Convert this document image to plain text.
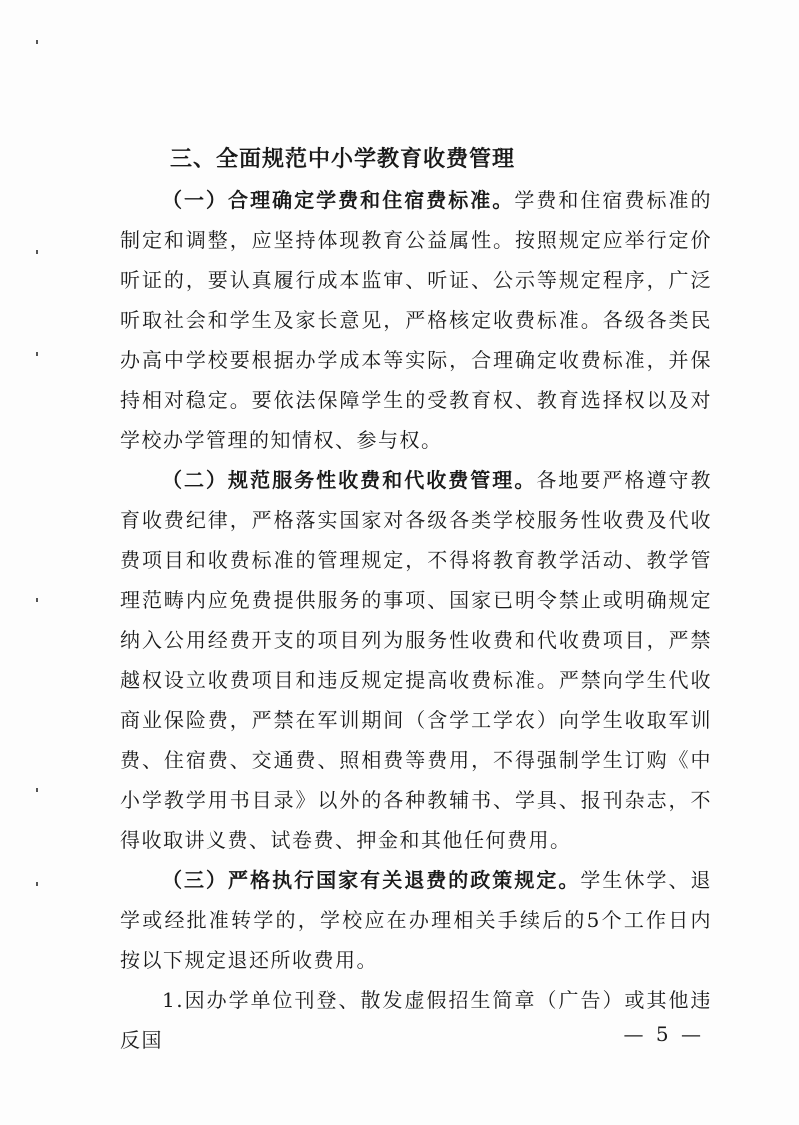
三、全面规范中小学教育收费管理

（一）合理确定学费和住宿费标准。学费和住宿费标准的制定和调整，应坚持体现教育公益属性。按照规定应举行定价听证的，要认真履行成本监审、听证、公示等规定程序，广泛听取社会和学生及家长意见，严格核定收费标准。各级各类民办高中学校要根据办学成本等实际，合理确定收费标准，并保持相对稳定。要依法保障学生的受教育权、教育选择权以及对学校办学管理的知情权、参与权。

（二）规范服务性收费和代收费管理。各地要严格遵守教育收费纪律，严格落实国家对各级各类学校服务性收费及代收费项目和收费标准的管理规定，不得将教育教学活动、教学管理范畴内应免费提供服务的事项、国家已明令禁止或明确规定纳入公用经费开支的项目列为服务性收费和代收费项目，严禁越权设立收费项目和违反规定提高收费标准。严禁向学生代收商业保险费，严禁在军训期间（含学工学农）向学生收取军训费、住宿费、交通费、照相费等费用，不得强制学生订购《中小学教学用书目录》以外的各种教辅书、学具、报刊杂志，不得收取讲义费、试卷费、押金和其他任何费用。

（三）严格执行国家有关退费的政策规定。学生休学、退学或经批准转学的，学校应在办理相关手续后的5个工作日内按以下规定退还所收费用。

1.因办学单位刊登、散发虚假招生简章（广告）或其他违反国	— 5 —
